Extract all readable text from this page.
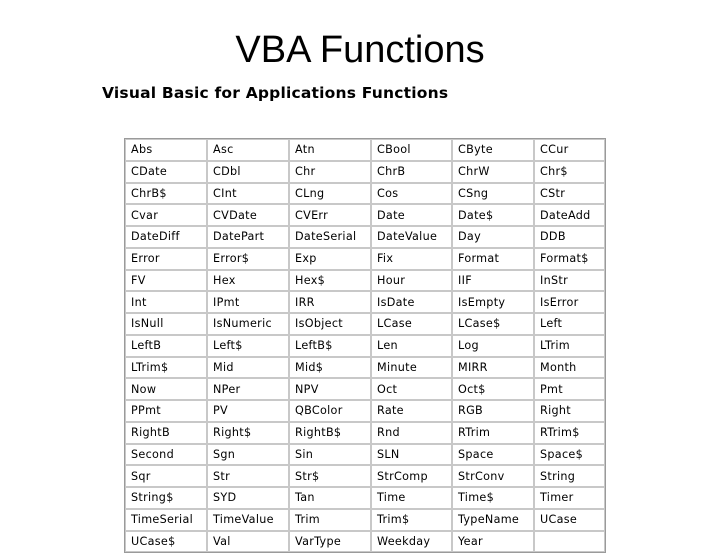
VBA Functions
Visual Basic for Applications Functions
Abs	Asc	Atn	CBool	CByte	CCur
CDate	CDbl	Chr	ChrB	ChrW	Chr$
ChrB$	CInt	CLng	Cos	CSng	CStr
Cvar	CVDate	CVErr	Date	Date$	DateAdd
DateDiff	DatePart	DateSerial	DateValue	Day	DDB
Error	Error$	Exp	Fix	Format	Format$
FV	Hex	Hex$	Hour	IIF	InStr
Int	IPmt	IRR	IsDate	IsEmpty	IsError
IsNull	IsNumeric	IsObject	LCase	LCase$	Left
LeftB	Left$	LeftB$	Len	Log	LTrim
LTrim$	Mid	Mid$	Minute	MIRR	Month
Now	NPer	NPV	Oct	Oct$	Pmt
PPmt	PV	QBColor	Rate	RGB	Right
RightB	Right$	RightB$	Rnd	RTrim	RTrim$
Second	Sgn	Sin	SLN	Space	Space$
Sqr	Str	Str$	StrComp	StrConv	String
String$	SYD	Tan	Time	Time$	Timer
TimeSerial	TimeValue	Trim	Trim$	TypeName	UCase
UCase$	Val	VarType	Weekday	Year	
